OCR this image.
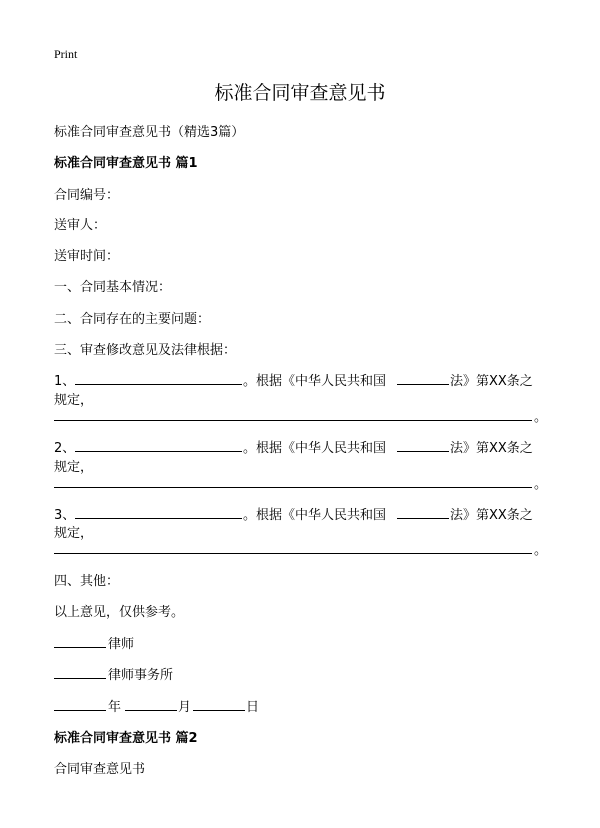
Print
标准合同审查意见书
标准合同审查意见书（精选3篇）
标准合同审查意见书 篇1
合同编号：
送审人：
送审时间：
一、合同基本情况：
二、合同存在的主要问题：
三、审查修改意见及法律根据：
1、	。根据《中华人民共和国	法》第XX条之
规定，
。
2、	。根据《中华人民共和国	法》第XX条之
规定，
。
3、	。根据《中华人民共和国	法》第XX条之
规定，
。
四、其他：
以上意见，仅供参考。
律师
律师事务所
年	月	日
标准合同审查意见书 篇2
合同审查意见书
